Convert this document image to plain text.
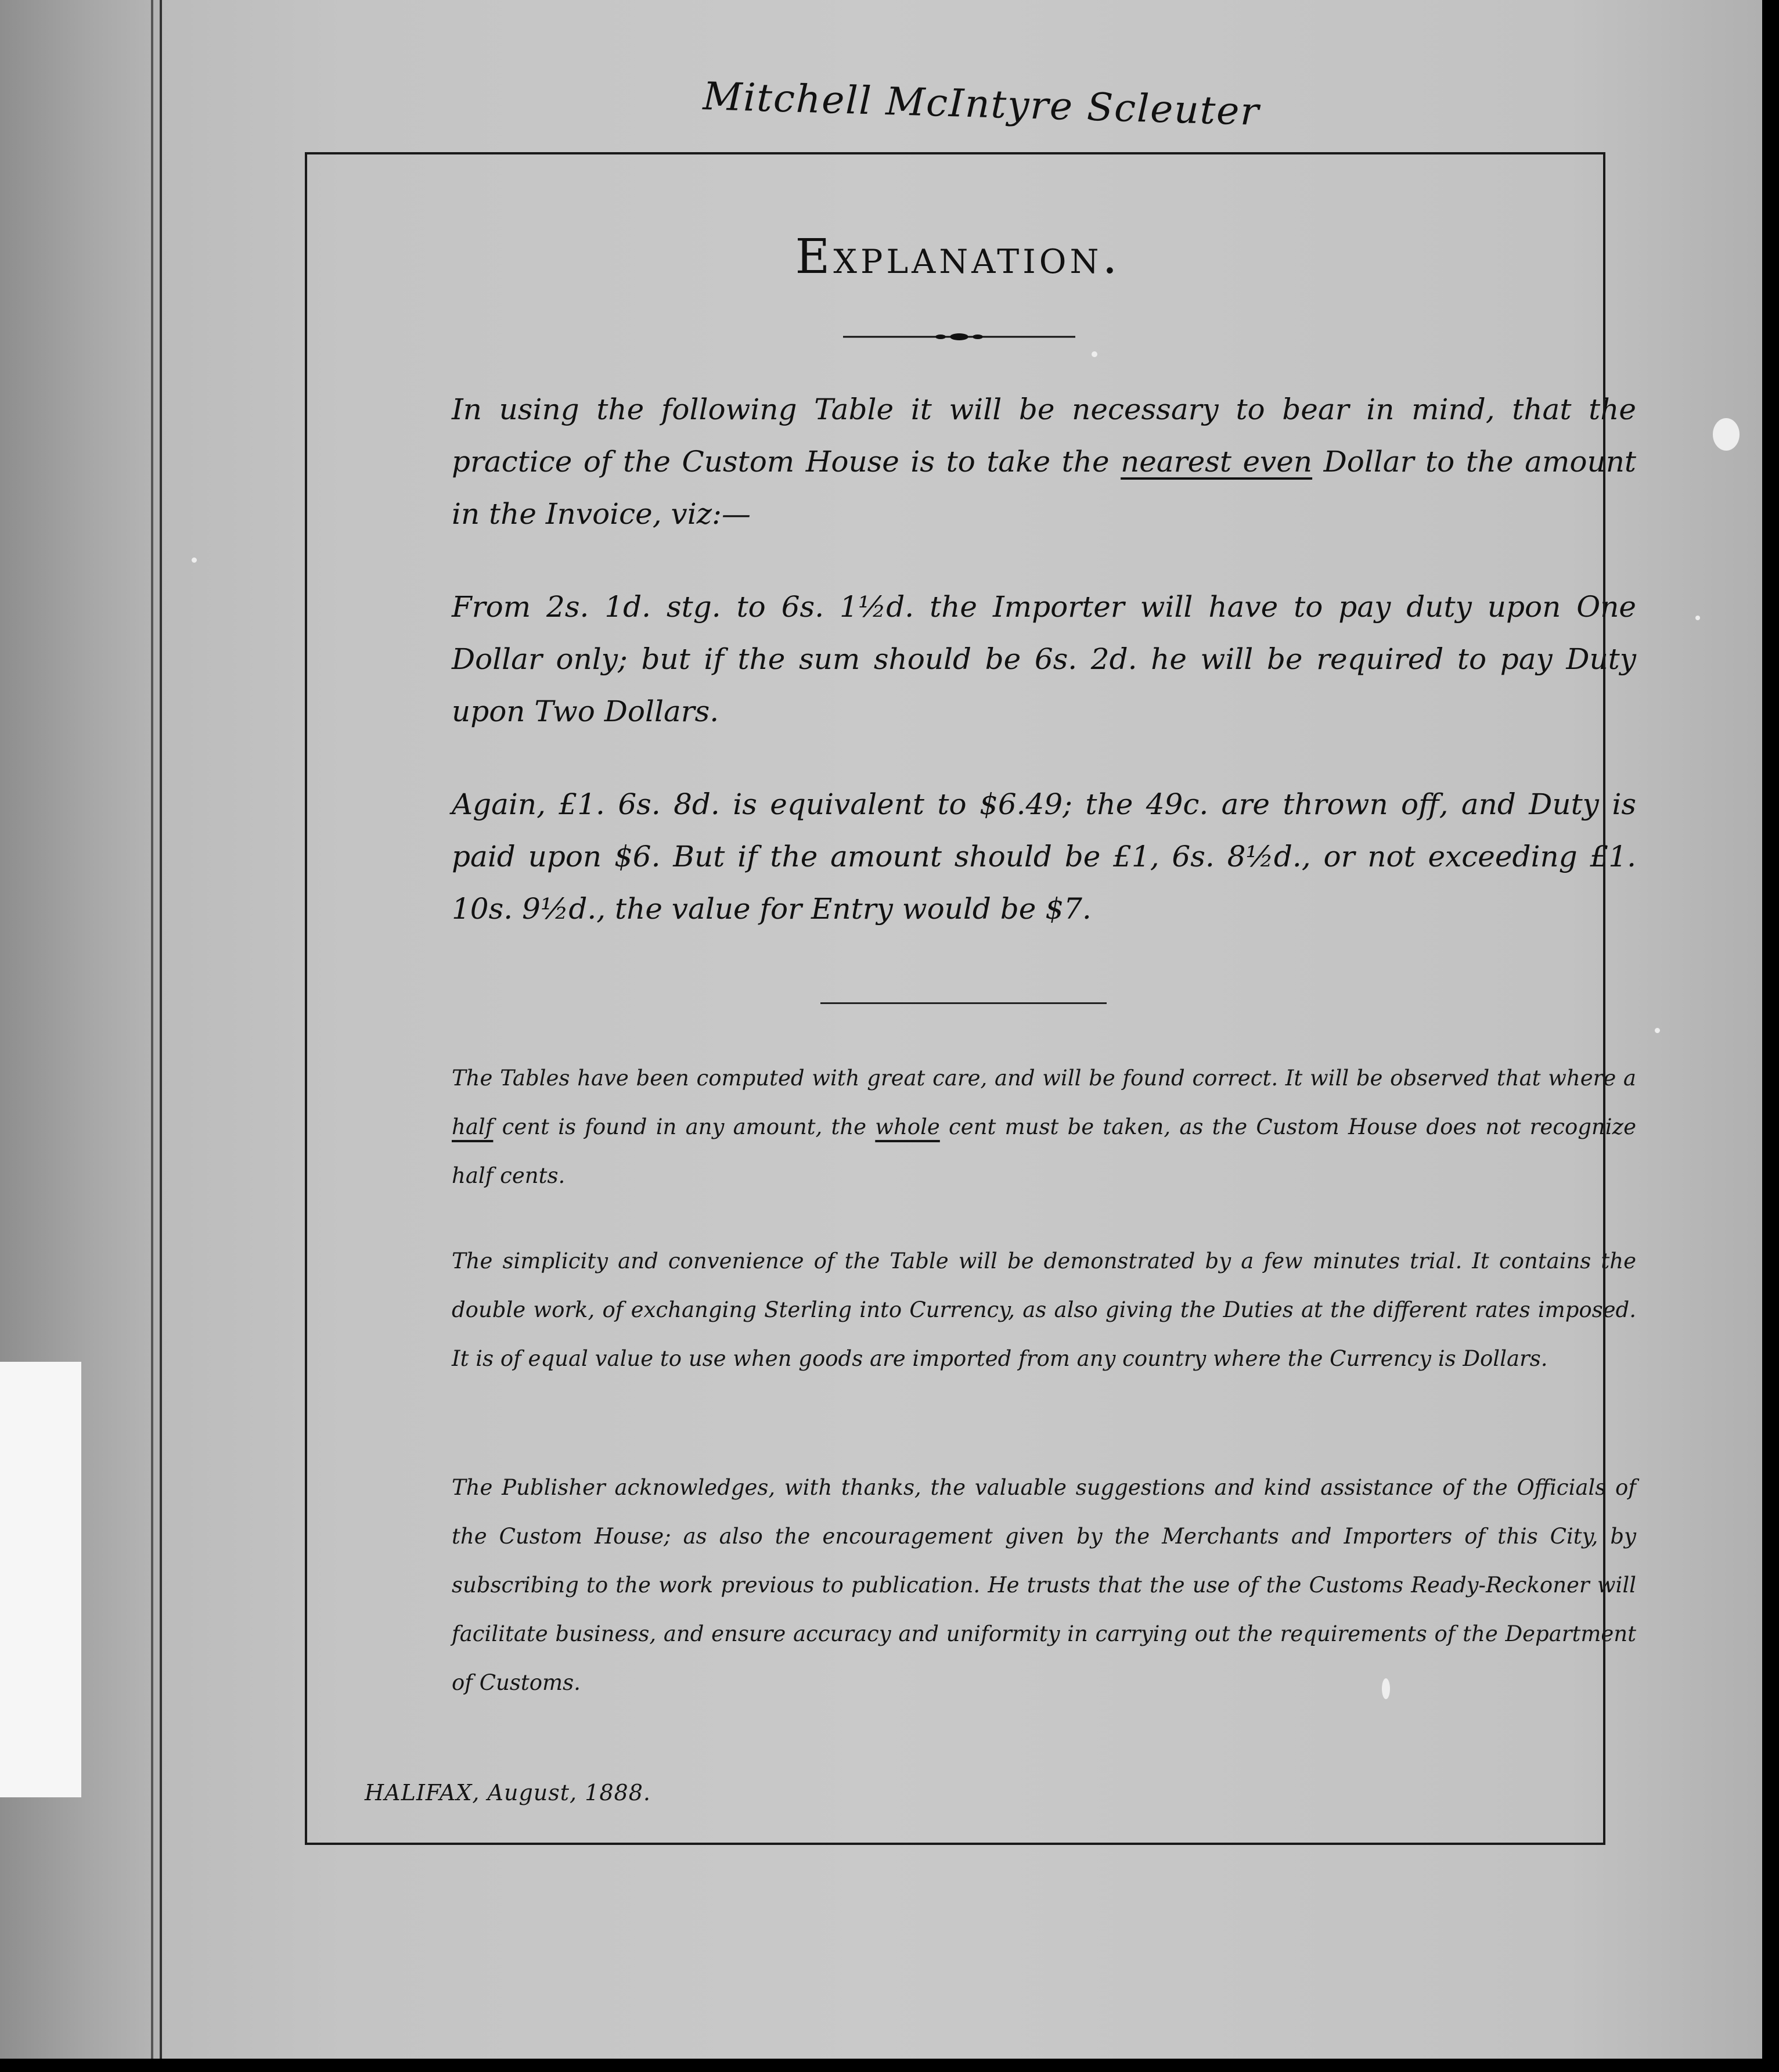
Mitchell McIntyre Scleuter
Explanation.

In using the following Table it will be necessary to bear in mind, that the practice of the Custom House is to take the nearest even Dollar to the amount in the Invoice, viz:—

From 2s. 1d. stg. to 6s. 1½d. the Importer will have to pay duty upon One Dollar only; but if the sum should be 6s. 2d. he will be required to pay Duty upon Two Dollars.

Again, £1. 6s. 8d. is equivalent to $6.49; the 49c. are thrown off, and Duty is paid upon $6. But if the amount should be £1, 6s. 8½d., or not exceeding £1. 10s. 9½d., the value for Entry would be $7.

The Tables have been computed with great care, and will be found correct. It will be observed that where a half cent is found in any amount, the whole cent must be taken, as the Custom House does not recognize half cents.

The simplicity and convenience of the Table will be demonstrated by a few minutes trial. It contains the double work, of exchanging Sterling into Currency, as also giving the Duties at the different rates imposed. It is of equal value to use when goods are imported from any country where the Currency is Dollars.

The Publisher acknowledges, with thanks, the valuable suggestions and kind assistance of the Officials of the Custom House; as also the encouragement given by the Merchants and Importers of this City, by subscribing to the work previous to publication. He trusts that the use of the Customs Ready-Reckoner will facilitate business, and ensure accuracy and uniformity in carrying out the requirements of the Department of Customs.

HALIFAX, August, 1888.
